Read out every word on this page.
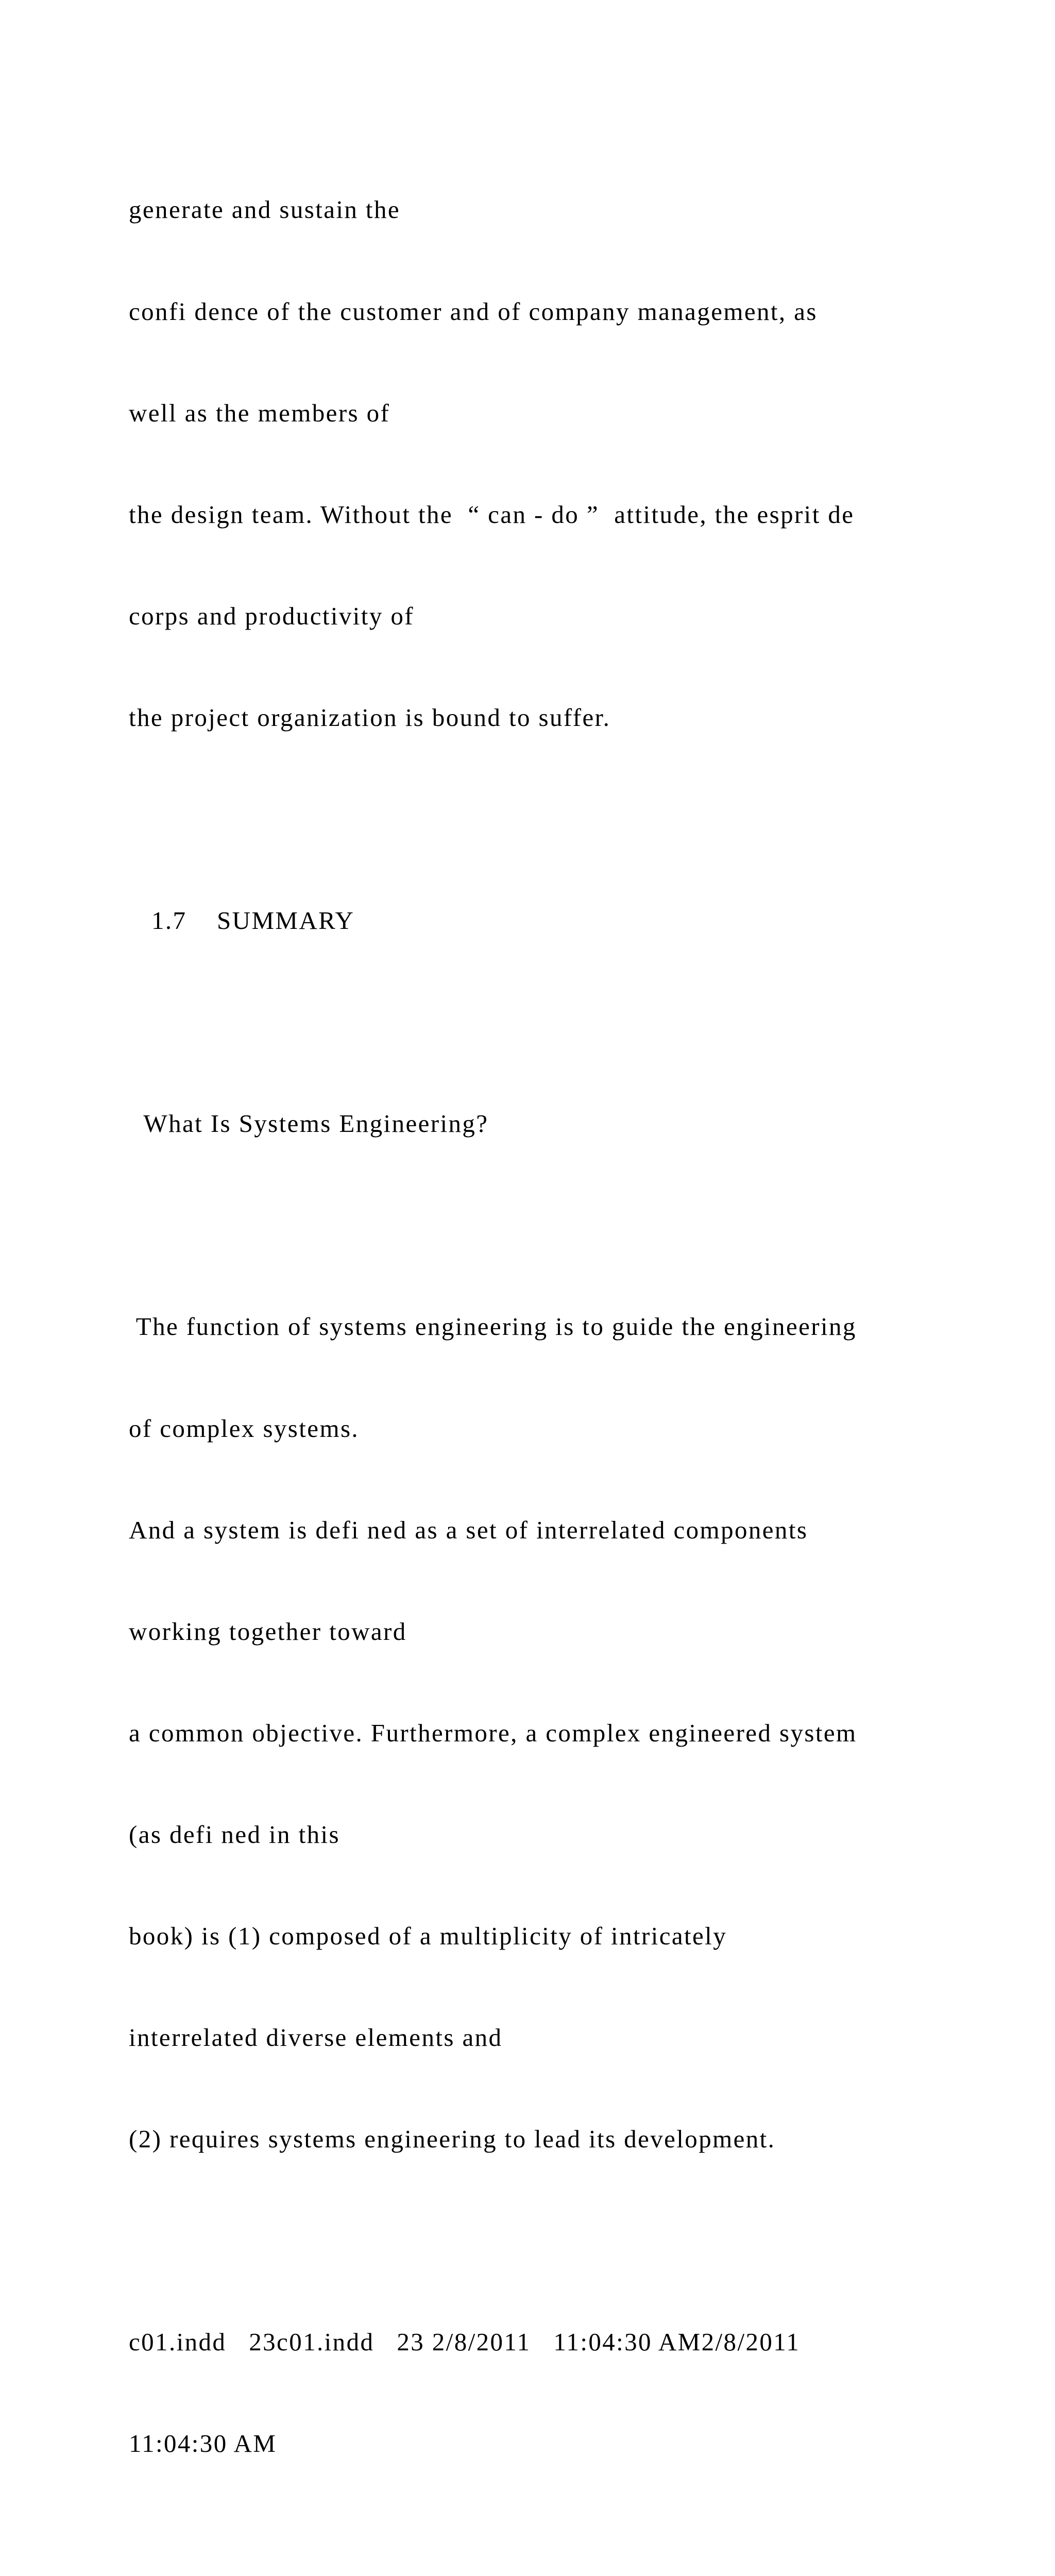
generate and sustain the

confi dence of the customer and of company management, as

well as the members of

the design team. Without the  “ can - do ”  attitude, the esprit de

corps and productivity of

the project organization is bound to suffer.

1.7    SUMMARY

What Is Systems Engineering?

The function of systems engineering is to guide the engineering

of complex systems.

And a system is defi ned as a set of interrelated components

working together toward

a common objective. Furthermore, a complex engineered system

(as defi ned in this

book) is (1) composed of a multiplicity of intricately

interrelated diverse elements and

(2) requires systems engineering to lead its development.

c01.indd   23c01.indd   23 2/8/2011   11:04:30 AM2/8/2011

11:04:30 AM
